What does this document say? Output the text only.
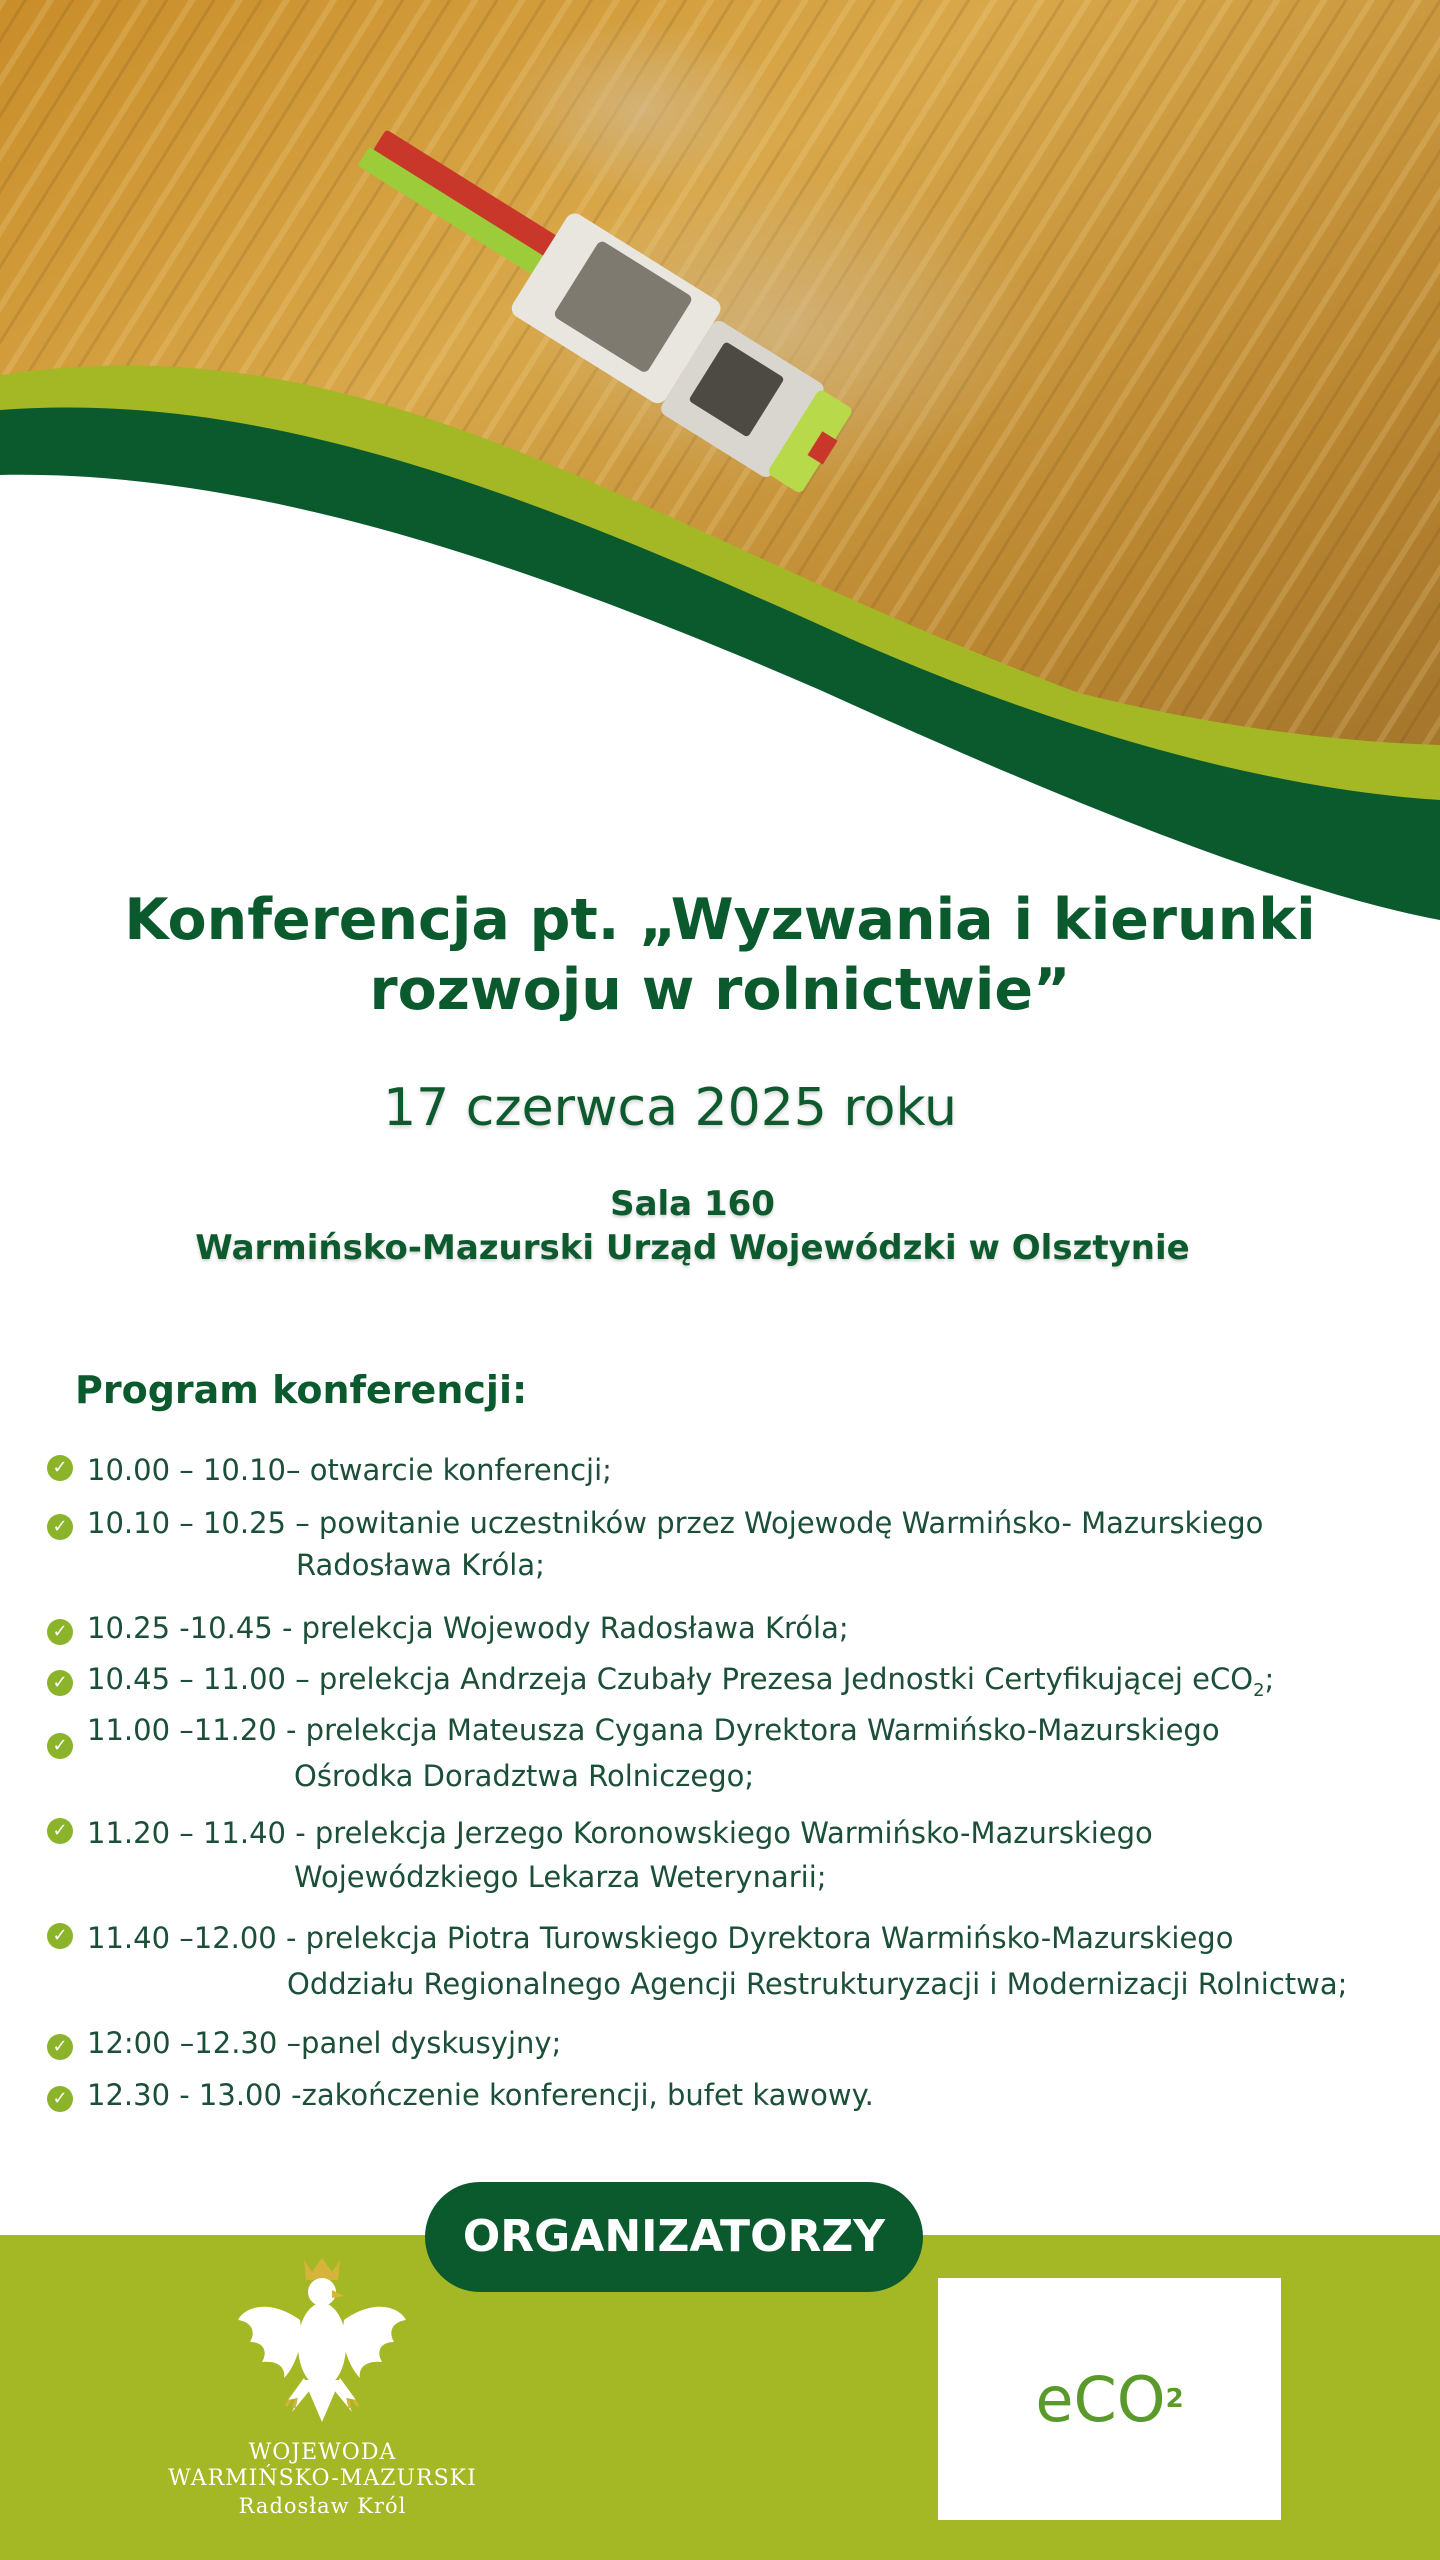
Konferencja pt. „Wyzwania i kierunki
rozwoju w rolnictwie”
17 czerwca 2025 roku
Sala 160
Warmińsko-Mazurski Urząd Wojewódzki w Olsztynie
Program konferencji:
✓ 10.00 – 10.10– otwarcie konferencji;
✓ 10.10 – 10.25 – powitanie uczestników przez Wojewodę Warmińsko- Mazurskiego
Radosława Króla;
✓ 10.25 -10.45 - prelekcja Wojewody Radosława Króla;
✓ 10.45 – 11.00 – prelekcja Andrzeja Czubały Prezesa Jednostki Certyfikującej eCO$_2$;
✓ 11.00 –11.20 - prelekcja Mateusza Cygana Dyrektora Warmińsko-Mazurskiego
Ośrodka Doradztwa Rolniczego;
✓ 11.20 – 11.40 - prelekcja Jerzego Koronowskiego Warmińsko-Mazurskiego
Wojewódzkiego Lekarza Weterynarii;
✓ 11.40 –12.00 - prelekcja Piotra Turowskiego Dyrektora Warmińsko-Mazurskiego
Oddziału Regionalnego Agencji Restrukturyzacji i Modernizacji Rolnictwa;
✓ 12:00 –12.30 –panel dyskusyjny;
✓ 12.30 - 13.00 -zakończenie konferencji, bufet kawowy.
ORGANIZATORZY
WOJEWODA
WARMIŃSKO-MAZURSKI
Radosław Król
eCO 2
